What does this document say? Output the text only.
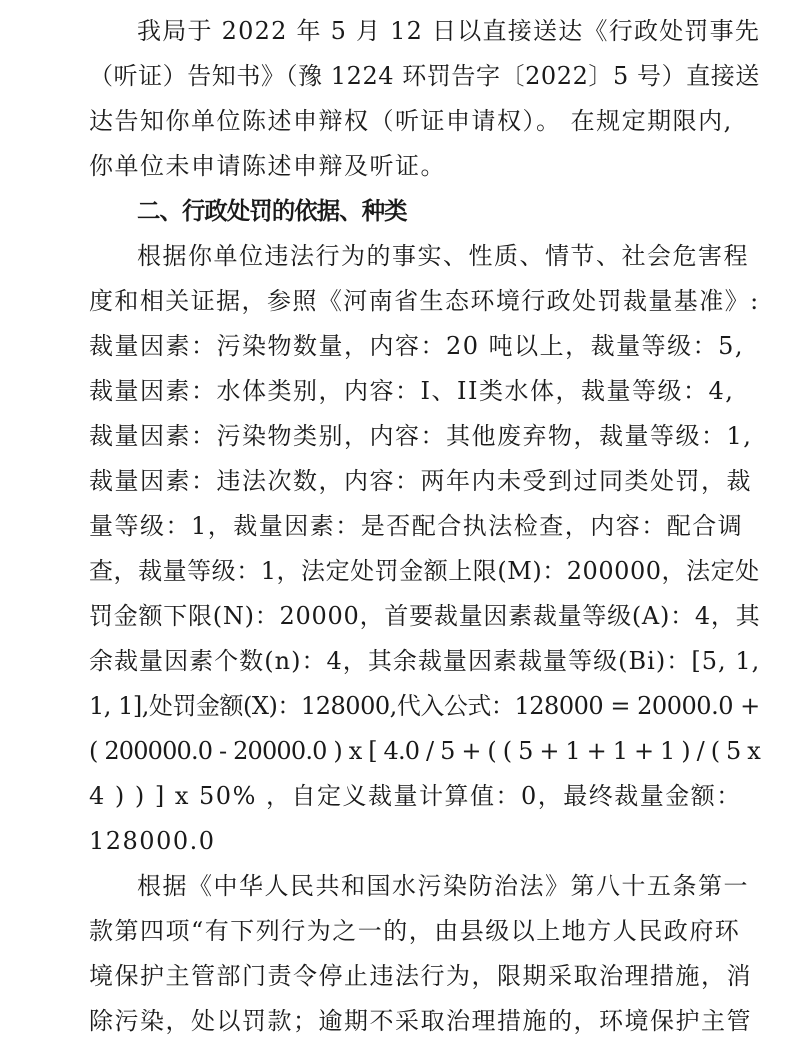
我局于 2022 年 5 月 12 日以直接送达《行政处罚事先
（听证）告知书》（豫 1224 环罚告字〔2022〕5 号）直接送
达告知你单位陈述申辩权（听证申请权）。 在规定期限内,
你单位未申请陈述申辩及听证。
二、行政处罚的依据、种类
根据你单位违法行为的事实、性质、情节、社会危害程
度和相关证据，参照《河南省生态环境行政处罚裁量基准》:
裁量因素：污染物数量，内容：20 吨以上，裁量等级：5,
裁量因素：水体类别，内容：I、II类水体，裁量等级：4,
裁量因素：污染物类别，内容：其他废弃物，裁量等级：1,
裁量因素：违法次数，内容：两年内未受到过同类处罚，裁
量等级：1，裁量因素：是否配合执法检查，内容：配合调
查，裁量等级：1，法定处罚金额上限(M)：200000，法定处
罚金额下限(N)：20000，首要裁量因素裁量等级(A)：4，其
余裁量因素个数(n)：4，其余裁量因素裁量等级(Bi)：[5, 1,
1, 1],处罚金额(X)：128000,代入公式：128000 = 20000.0 +
( 200000.0 - 20000.0 ) x [ 4.0 / 5 + ( ( 5 + 1 + 1 + 1 ) / ( 5 x
4 ) ) ] x 50% ，自定义裁量计算值：0，最终裁量金额：
128000.0
根据《中华人民共和国水污染防治法》第八十五条第一
款第四项“有下列行为之一的，由县级以上地方人民政府环
境保护主管部门责令停止违法行为，限期采取治理措施，消
除污染，处以罚款；逾期不采取治理措施的，环境保护主管
